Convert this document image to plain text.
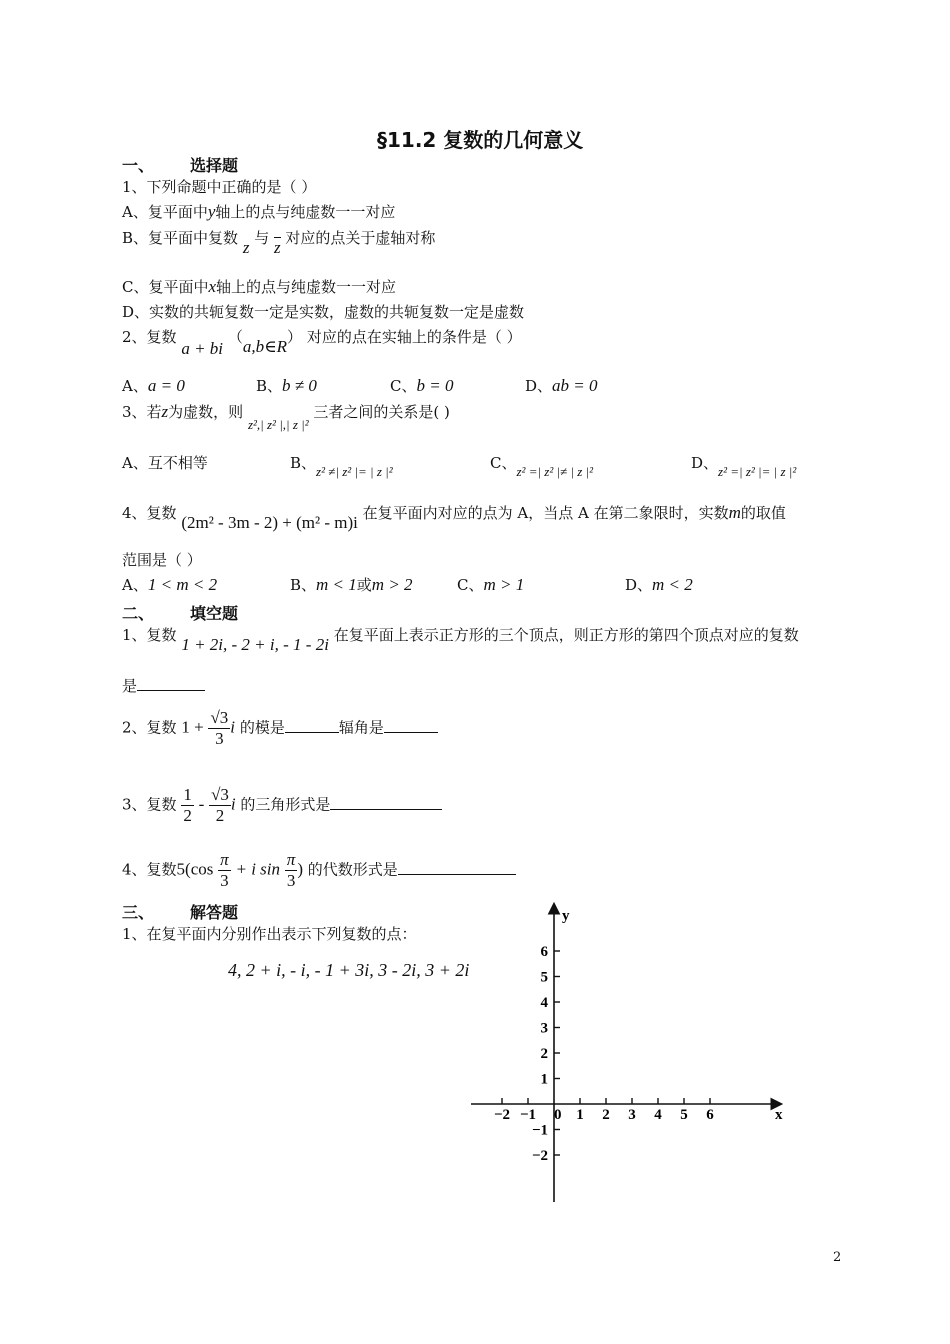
§11.2 复数的几何意义
一、 选择题
1、下列命题中正确的是（ ）
A、复平面中y轴上的点与纯虚数一一对应
B、复平面中复数 z 与 z 对应的点关于虚轴对称
C、复平面中x轴上的点与纯虚数一一对应
D、实数的共轭复数一定是实数，虚数的共轭复数一定是虚数
2、复数 a + bi （a,b∈R） 对应的点在实轴上的条件是（ ）
A、a = 0	B、b ≠ 0	C、b = 0	D、ab = 0
3、若z为虚数，则 z²,| z² |,| z |² 三者之间的关系是( )
A、互不相等	B、z² ≠| z² |= | z |²	C、z² =| z² |≠ | z |²	D、z² =| z² |= | z |²
4、复数 (2m² - 3m - 2) + (m² - m)i 在复平面内对应的点为 A，当点 A 在第二象限时，实数m的取值
范围是（ ）
A、1 < m < 2	B、m < 1或m > 2	C、m > 1	D、m < 2
二、 填空题
1、复数 1 + 2i, - 2 + i, - 1 - 2i 在复平面上表示正方形的三个顶点，则正方形的第四个顶点对应的复数
是
2、复数 $1 + \frac{√3}{3}$ i 的模是	辐角是
3、复数 $\frac{1}{2} - \frac{√3}{2}$ i 的三角形式是
4、复数$5(\cos \frac{\pi}{3} + i$ $\sin \frac{\pi}{3}$ ) 的代数形式是
三、 解答题
1、在复平面内分别作出表示下列复数的点：
4, 2 + i, - i, - 1 + 3i, 3 - 2i, 3 + 2i
−2 −1	1 2 3 4 5 6
6
5
4
3
2
1
−1
−2
x
y
0
2
